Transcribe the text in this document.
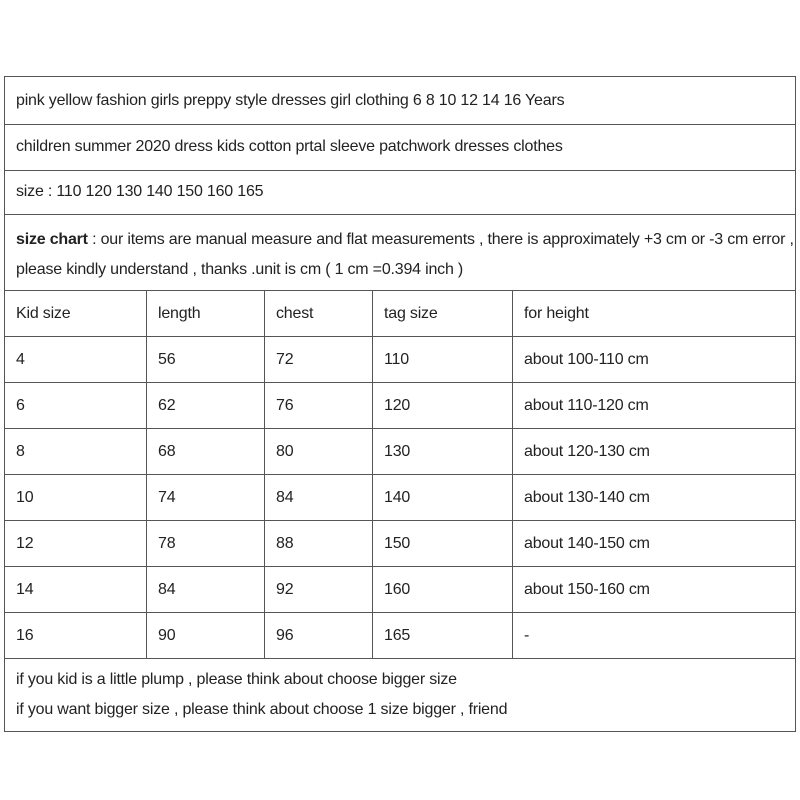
pink yellow fashion girls preppy style dresses girl clothing 6 8 10 12 14 16 Years
children summer 2020 dress kids cotton prtal sleeve patchwork dresses clothes
size : 110 120 130 140 150 160 165
size chart : our items are manual measure and flat measurements , there is approximately +3 cm or -3 cm error ,
please kindly understand , thanks .unit is cm ( 1 cm =0.394 inch )
Kid size	length	chest	tag size	for height
4	56	72	110	about 100-110 cm
6	62	76	120	about 110-120 cm
8	68	80	130	about 120-130 cm
10	74	84	140	about 130-140 cm
12	78	88	150	about 140-150 cm
14	84	92	160	about 150-160 cm
16	90	96	165	-
if you kid is a little plump , please think about choose bigger size
if you want bigger size , please think about choose 1 size bigger , friend
